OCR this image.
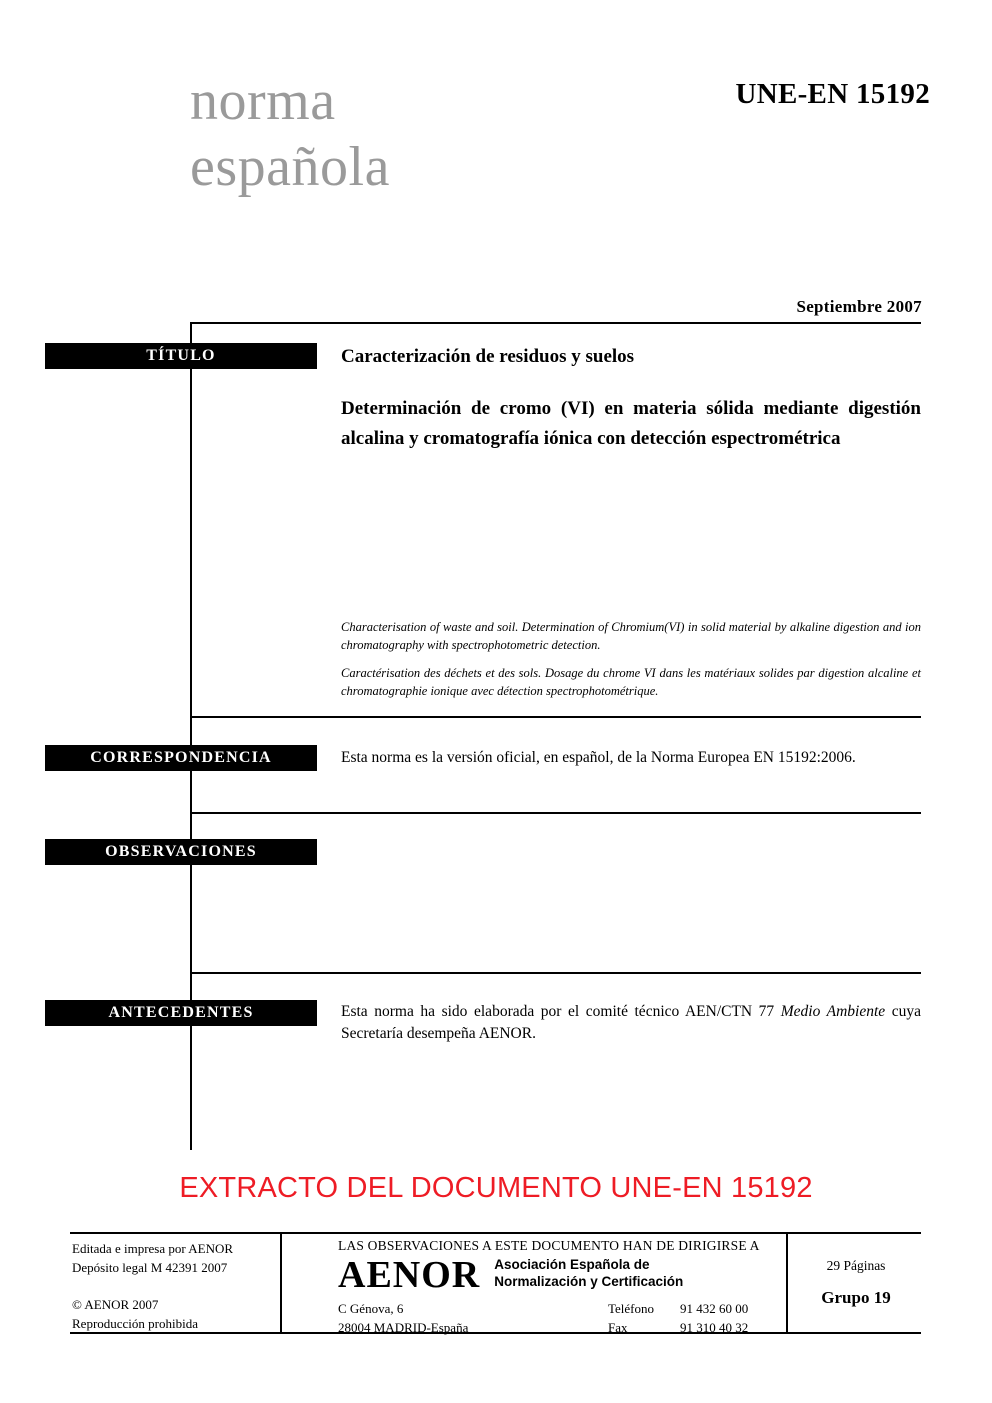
norma
española
UNE-EN 15192
Septiembre 2007
TÍTULO
CORRESPONDENCIA
OBSERVACIONES
ANTECEDENTES
Caracterización de residuos y suelos
Determinación de cromo (VI) en materia sólida mediante digestión alcalina y cromatografía iónica con detección espectrométrica
Characterisation of waste and soil. Determination of Chromium(VI) in solid material by alkaline digestion and ion chromatography with spectrophotometric detection.
Caractérisation des déchets et des sols. Dosage du chrome VI dans les matériaux solides par digestion alcaline et chromatographie ionique avec détection spectrophotométrique.
Esta norma es la versión oficial, en español, de la Norma Europea EN 15192:2006.
Esta norma ha sido elaborada por el comité técnico AEN/CTN 77 Medio Ambiente cuya Secretaría desempeña AENOR.
EXTRACTO DEL DOCUMENTO UNE-EN 15192
Editada e impresa por AENOR
Depósito legal M 42391 2007
© AENOR 2007
Reproducción prohibida
LAS OBSERVACIONES A ESTE DOCUMENTO HAN DE DIRIGIRSE A
AENOR Asociación Española de
Normalización y Certificación
C Génova, 6
28004 MADRID-España
Teléfono
Fax
91 432 60 00
91 310 40 32
29 Páginas
Grupo 19
